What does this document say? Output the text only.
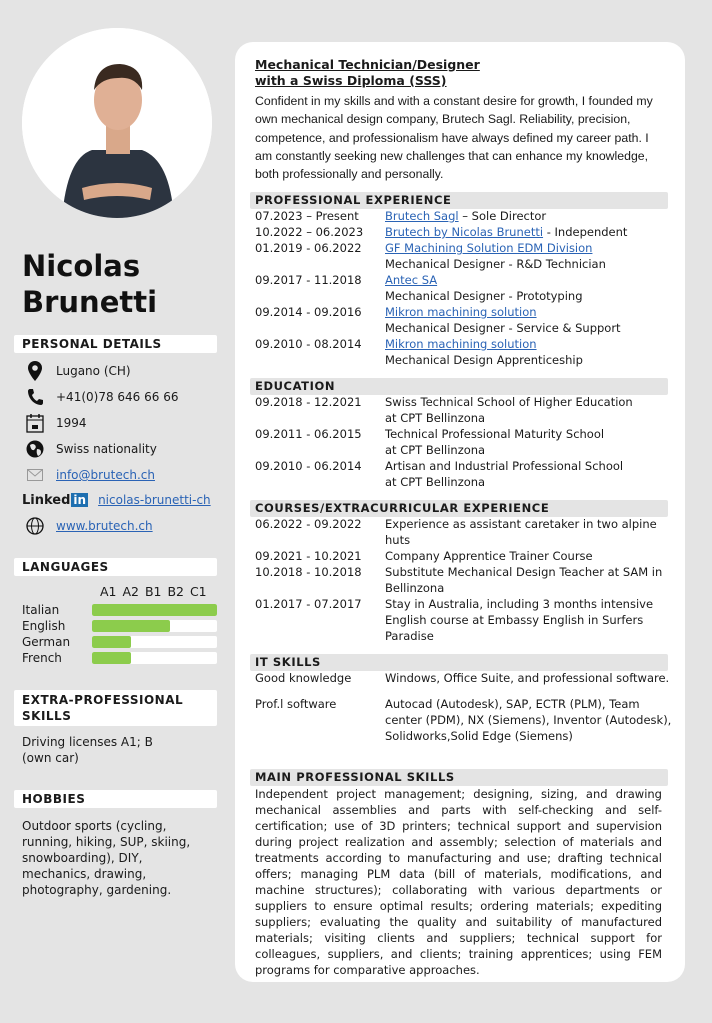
Nicolas
Brunetti
PERSONAL DETAILS
Lugano (CH)
+41(0)78 646 66 66
1994
Swiss nationality
info@brutech.ch
Linked in nicolas-brunetti-ch
www.brutech.ch
LANGUAGES
A1 A2 B1 B2 C1
Italian
English
German
French
EXTRA-PROFESSIONAL SKILLS
Driving licenses A1; B (own car)
HOBBIES
Outdoor sports (cycling, running, hiking, SUP, skiing, snowboarding), DIY, mechanics, drawing, photography, gardening.
Mechanical Technician/Designer
with a Swiss Diploma (SSS)
Confident in my skills and with a constant desire for growth, I founded my own mechanical design company, Brutech Sagl. Reliability, precision, competence, and professionalism have always defined my career path. I am constantly seeking new challenges that can enhance my knowledge, both professionally and personally.
PROFESSIONAL EXPERIENCE
07.2023 – Present	Brutech Sagl – Sole Director
10.2022 – 06.2023	Brutech by Nicolas Brunetti - Independent
01.2019 - 06.2022	GF Machining Solution EDM Division
Mechanical Designer - R&D Technician
09.2017 - 11.2018	Antec SA
Mechanical Designer - Prototyping
09.2014 - 09.2016	Mikron machining solution
Mechanical Designer - Service & Support
09.2010 - 08.2014	Mikron machining solution
Mechanical Design Apprenticeship
EDUCATION
09.2018 - 12.2021	Swiss Technical School of Higher Education
at CPT Bellinzona
09.2011 - 06.2015	Technical Professional Maturity School
at CPT Bellinzona
09.2010 - 06.2014	Artisan and Industrial Professional School
at CPT Bellinzona
COURSES/EXTRACURRICULAR EXPERIENCE
06.2022 - 09.2022	Experience as assistant caretaker in two alpine huts
09.2021 - 10.2021	Company Apprentice Trainer Course
10.2018 - 10.2018	Substitute Mechanical Design Teacher at SAM in Bellinzona
01.2017 - 07.2017	Stay in Australia, including 3 months intensive English course at Embassy English in Surfers Paradise
IT SKILLS
Good knowledge	Windows, Office Suite, and professional software.
Prof.l software	Autocad (Autodesk), SAP, ECTR (PLM), Team center (PDM), NX (Siemens), Inventor (Autodesk), Solidworks,Solid Edge (Siemens)
MAIN PROFESSIONAL SKILLS
Independent project management; designing, sizing, and drawing mechanical assemblies and parts with self-checking and self-certification; use of 3D printers; technical support and supervision during project realization and assembly; selection of materials and treatments according to manufacturing and use; drafting technical offers; managing PLM data (bill of materials, modifications, and machine structures); collaborating with various departments or suppliers to ensure optimal results; ordering materials; expediting suppliers; evaluating the quality and suitability of manufactured materials; visiting clients and suppliers; technical support for colleagues, suppliers, and clients; training apprentices; using FEM programs for comparative approaches.
